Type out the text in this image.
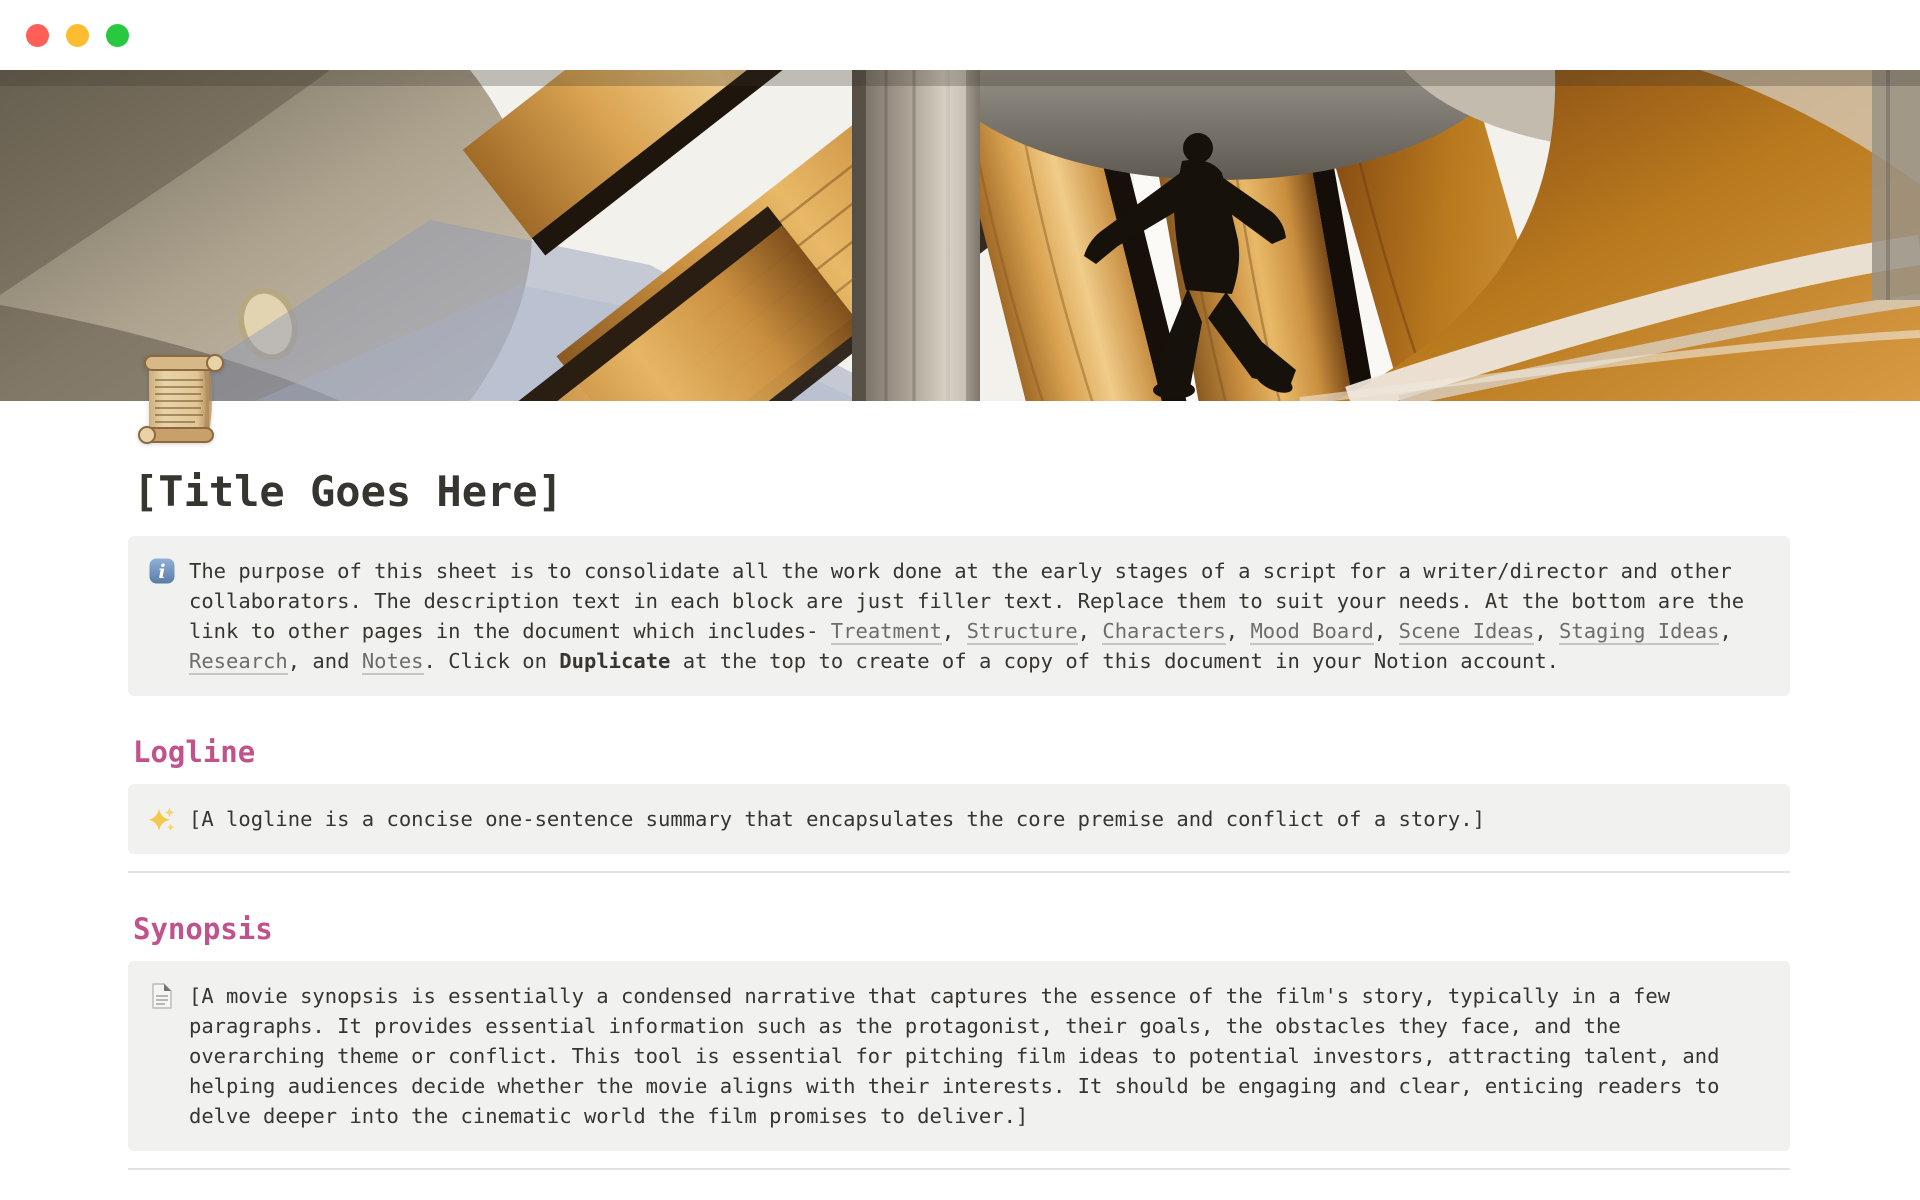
[Title Goes Here]
i The purpose of this sheet is to consolidate all the work done at the early stages of a script for a writer/director and other collaborators. The description text in each block are just filler text. Replace them to suit your needs. At the bottom are the link to other pages in the document which includes- Treatment, Structure, Characters, Mood Board, Scene Ideas, Staging Ideas, Research, and Notes. Click on Duplicate at the top to create of a copy of this document in your Notion account.
Logline
[A logline is a concise one-sentence summary that encapsulates the core premise and conflict of a story.]
Synopsis
[A movie synopsis is essentially a condensed narrative that captures the essence of the film's story, typically in a few paragraphs. It provides essential information such as the protagonist, their goals, the obstacles they face, and the overarching theme or conflict. This tool is essential for pitching film ideas to potential investors, attracting talent, and helping audiences decide whether the movie aligns with their interests. It should be engaging and clear, enticing readers to delve deeper into the cinematic world the film promises to deliver.]
